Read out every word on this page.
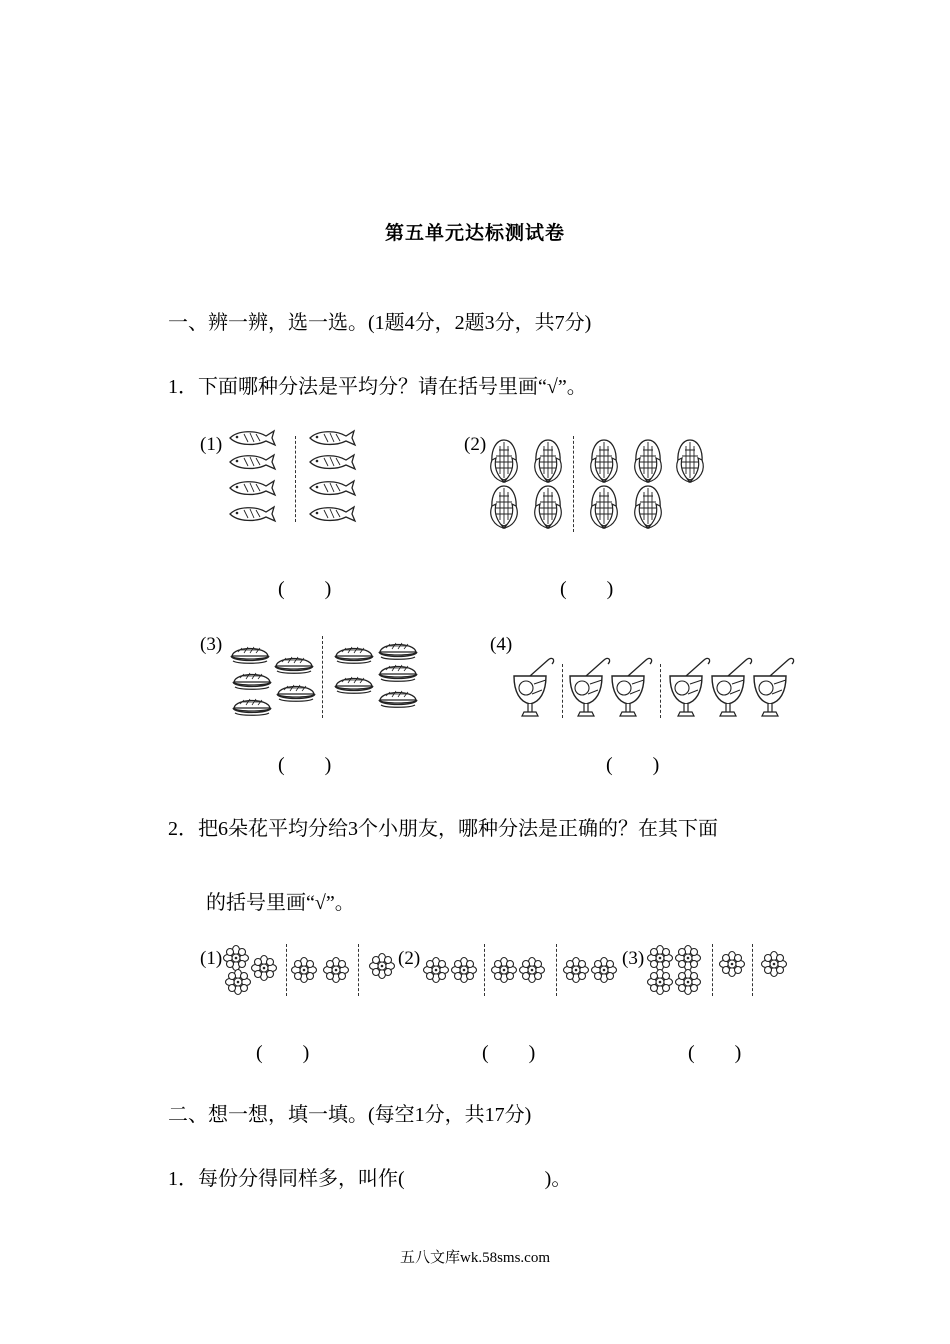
第五单元达标测试卷
一、辨一辨，选一选。(1题4分，2题3分，共7分)
1．下面哪种分法是平均分？请在括号里画“√”。
(1)
(　　)
(2)
(　　)
(3)
(　　)
(4)
(　　)
2．把6朵花平均分给3个小朋友，哪种分法是正确的？在其下面
的括号里画“√”。
(1)	(2)	(3)
(　　)	(　　)	(　　)
二、想一想，填一填。(每空1分，共17分)
1．每份分得同样多，叫作(　　　　　　　)。
五八文库wk.58sms.com
